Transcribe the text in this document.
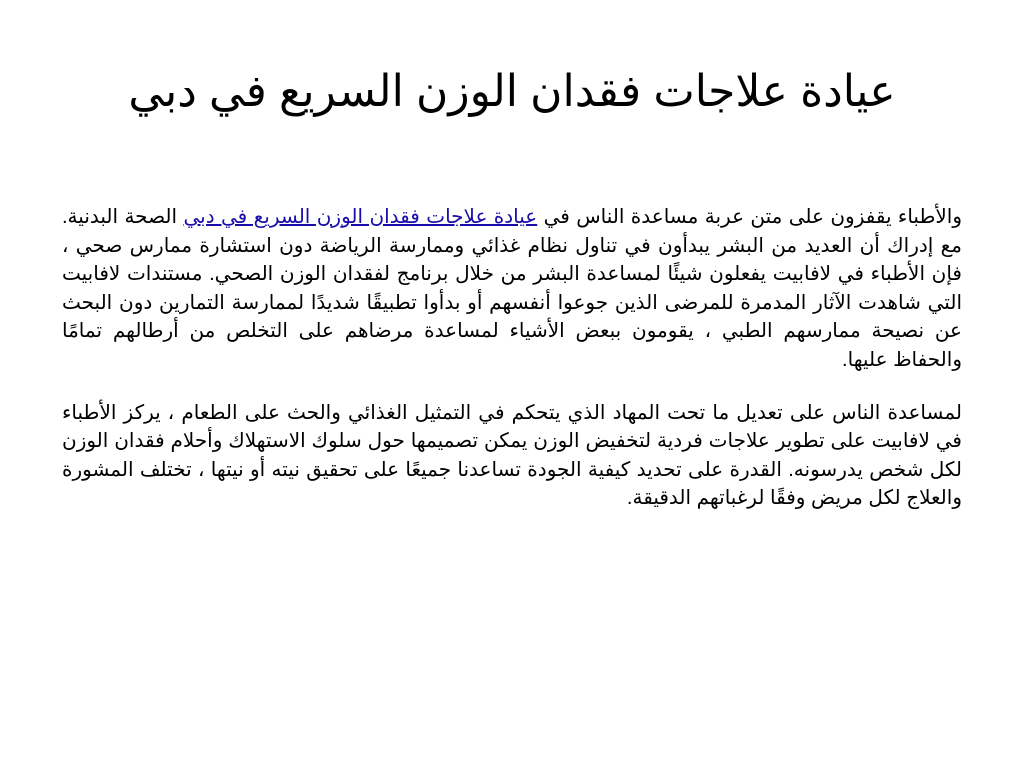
عيادة علاجات فقدان الوزن السريع في دبي

والأطباء يقفزون على متن عربة مساعدة الناس في عيادة علاجات فقدان الوزن السريع في دبي الصحة البدنية. مع إدراك أن العديد من البشر يبدأون في تناول نظام غذائي وممارسة الرياضة دون استشارة ممارس صحي ، فإن الأطباء في لافابيت يفعلون شيئًا لمساعدة البشر من خلال برنامج لفقدان الوزن الصحي. مستندات لافابيت التي شاهدت الآثار المدمرة للمرضى الذين جوعوا أنفسهم أو بدأوا تطبيقًا شديدًا لممارسة التمارين دون البحث عن نصيحة ممارسهم الطبي ، يقومون ببعض الأشياء لمساعدة مرضاهم على التخلص من أرطالهم تمامًا والحفاظ عليها.

لمساعدة الناس على تعديل ما تحت المهاد الذي يتحكم في التمثيل الغذائي والحث على الطعام ، يركز الأطباء في لافابيت على تطوير علاجات فردية لتخفيض الوزن يمكن تصميمها حول سلوك الاستهلاك وأحلام فقدان الوزن لكل شخص يدرسونه. القدرة على تحديد كيفية الجودة تساعدنا جميعًا على تحقيق نيته أو نيتها ، تختلف المشورة والعلاج لكل مريض وفقًا لرغباتهم الدقيقة.
